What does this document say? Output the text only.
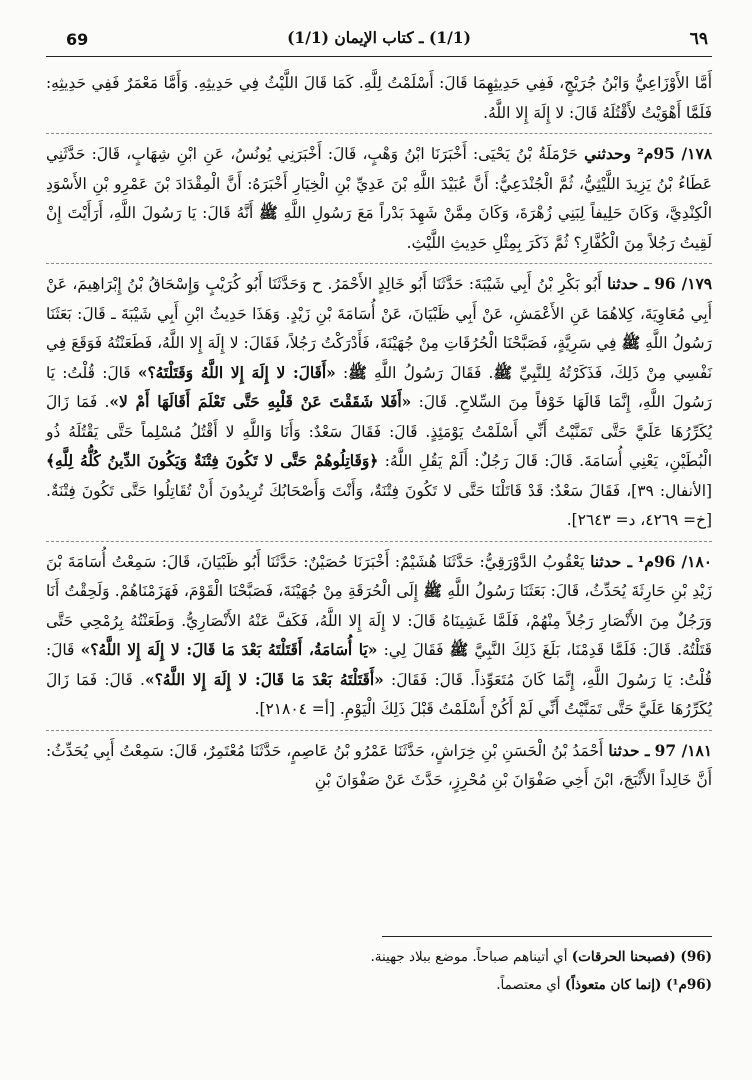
69	(1/1) ـ كتاب الإيمان (1/1)	٦٩

أَمَّا الأَوْزَاعِيُّ وَابْنُ جُرَيْجٍ، فَفِي حَدِيثِهِمَا قَالَ: أَسْلَمْتُ لِلَّهِ. كَمَا قَالَ اللَّيْثُ فِي حَدِيثِهِ. وَأَمَّا مَعْمَرٌ فَفِي حَدِيثِهِ: فَلَمَّا أَهْوَيْتُ لأَقْتُلَهُ قَالَ: لا إِلَهَ إِلا اللَّهُ.

١٧٨/ 95م² وحدثني حَرْمَلَةُ بْنُ يَحْيَى: أَخْبَرَنَا ابْنُ وَهْبٍ، قَالَ: أَخْبَرَنِي يُونُسُ، عَنِ ابْنِ شِهَابٍ، قَالَ: حَدَّثَنِي عَطَاءُ بْنُ يَزِيدَ اللَّيْثِيُّ، ثُمَّ الْجُنْدَعِيُّ: أَنَّ عُبَيْدَ اللَّهِ بْنَ عَدِيِّ بْنِ الْخِيَارِ أَخْبَرَهُ: أَنَّ الْمِقْدَادَ بْنَ عَمْرِو بْنِ الأَسْوَدِ الْكِنْدِيَّ، وَكَانَ حَلِيفاً لِبَنِي زُهْرَةَ، وَكَانَ مِمَّنْ شَهِدَ بَدْراً مَعَ رَسُولِ اللَّهِ ﷺ أَنَّهُ قَالَ: يَا رَسُولَ اللَّهِ، أَرَأَيْتَ إِنْ لَقِيتُ رَجُلاً مِنَ الْكُفَّارِ؟ ثُمَّ ذَكَرَ بِمِثْلِ حَدِيثِ اللَّيْثِ.

١٧٩/ 96 ـ حدثنا أَبُو بَكْرِ بْنُ أَبِي شَيْبَةَ: حَدَّثَنَا أَبُو خَالِدٍ الأَحْمَرُ. ح وَحَدَّثَنَا أَبُو كُرَيْبٍ وَإِسْحَاقُ بْنُ إِبْرَاهِيمَ، عَنْ أَبِي مُعَاوِيَةَ، كِلاهُمَا عَنِ الأَعْمَشِ، عَنْ أَبِي ظَبْيَانَ، عَنْ أُسَامَةَ بْنِ زَيْدٍ. وَهَذَا حَدِيثُ ابْنِ أَبِي شَيْبَةَ ـ قَالَ: بَعَثَنَا رَسُولُ اللَّهِ ﷺ فِي سَرِيَّةٍ، فَصَبَّحْنَا الْحُرُقَاتِ مِنْ جُهَيْنَةَ، فَأَدْرَكْتُ رَجُلاً، فَقَالَ: لا إِلَهَ إِلا اللَّهُ، فَطَعَنْتُهُ فَوَقَعَ فِي نَفْسِي مِنْ ذَلِكَ، فَذَكَرْتُهُ لِلنَّبِيِّ ﷺ. فَقَالَ رَسُولُ اللَّهِ ﷺ: «أَقَالَ: لا إِلَهَ إِلا اللَّهُ وَقَتَلْتَهُ؟» قَالَ: قُلْتُ: يَا رَسُولَ اللَّهِ، إِنَّمَا قَالَهَا خَوْفاً مِنَ السِّلاحِ. قَالَ: «أَفَلا شَقَقْتَ عَنْ قَلْبِهِ حَتَّى تَعْلَمَ أَقَالَهَا أَمْ لا». فَمَا زَالَ يُكَرِّرُهَا عَلَيَّ حَتَّى تَمَنَّيْتُ أَنِّي أَسْلَمْتُ يَوْمَئِذٍ. قَالَ: فَقَالَ سَعْدٌ: وَأَنَا وَاللَّهِ لا أَقْتُلُ مُسْلِماً حَتَّى يَقْتُلَهُ ذُو الْبُطَيْنِ، يَعْنِي أُسَامَةَ. قَالَ: قَالَ رَجُلٌ: أَلَمْ يَقُلِ اللَّهُ: ﴿وَقَاتِلُوهُمْ حَتَّى لا تَكُونَ فِتْنَةٌ وَيَكُونَ الدِّينُ كُلُّهُ لِلَّهِ﴾ [الأنفال: ٣٩]، فَقَالَ سَعْدٌ: قَدْ قَاتَلْنَا حَتَّى لا تَكُونَ فِتْنَةٌ، وَأَنْتَ وَأَصْحَابُكَ تُرِيدُونَ أَنْ تُقَاتِلُوا حَتَّى تَكُونَ فِتْنَةٌ. [خ= ٤٢٦٩، د= ٢٦٤٣].

١٨٠/ 96م¹ ـ حدثنا يَعْقُوبُ الدَّوْرَقِيُّ: حَدَّثَنَا هُشَيْمٌ: أَخْبَرَنَا حُصَيْنٌ: حَدَّثَنَا أَبُو ظَبْيَانَ، قَالَ: سَمِعْتُ أُسَامَةَ بْنَ زَيْدِ بْنِ حَارِثَةَ يُحَدِّثُ، قَالَ: بَعَثَنَا رَسُولُ اللَّهِ ﷺ إِلَى الْحُرَقَةِ مِنْ جُهَيْنَةَ، فَصَبَّحْنَا الْقَوْمَ، فَهَزَمْنَاهُمْ. وَلَحِقْتُ أَنَا وَرَجُلٌ مِنَ الأَنْصَارِ رَجُلاً مِنْهُمْ، فَلَمَّا غَشِينَاهُ قَالَ: لا إِلَهَ إِلا اللَّهُ، فَكَفَّ عَنْهُ الأَنْصَارِيُّ. وَطَعَنْتُهُ بِرُمْحِي حَتَّى قَتَلْتُهُ. قَالَ: فَلَمَّا قَدِمْنَا، بَلَغَ ذَلِكَ النَّبِيَّ ﷺ فَقَالَ لِي: «يَا أُسَامَةُ، أَقَتَلْتَهُ بَعْدَ مَا قَالَ: لا إِلَهَ إِلا اللَّهُ؟» قَالَ: قُلْتُ: يَا رَسُولَ اللَّهِ، إِنَّمَا كَانَ مُتَعَوِّذاً. قَالَ: فَقَالَ: «أَقَتَلْتَهُ بَعْدَ مَا قَالَ: لا إِلَهَ إِلا اللَّهُ؟». قَالَ: فَمَا زَالَ يُكَرِّرُهَا عَلَيَّ حَتَّى تَمَنَّيْتُ أَنِّي لَمْ أَكُنْ أَسْلَمْتُ قَبْلَ ذَلِكَ الْيَوْمِ. [أ= ٢١٨٠٤].

١٨١/ 97 ـ حدثنا أَحْمَدُ بْنُ الْحَسَنِ بْنِ خِرَاشٍ، حَدَّثَنَا عَمْرُو بْنُ عَاصِمٍ، حَدَّثَنَا مُعْتَمِرٌ، قَالَ: سَمِعْتُ أَبِي يُحَدِّثُ: أَنَّ خَالِداً الأَثْبَجَ، ابْنَ أَخِي صَفْوَانَ بْنِ مُحْرِزٍ، حَدَّثَ عَنْ صَفْوَانَ بْنِ

(96) (فصبحنا الحرقات) أي أتيناهم صباحاً. موضع ببلاد جهينة.
(96م¹) (إنما كان متعوذاً) أي معتصماً.
